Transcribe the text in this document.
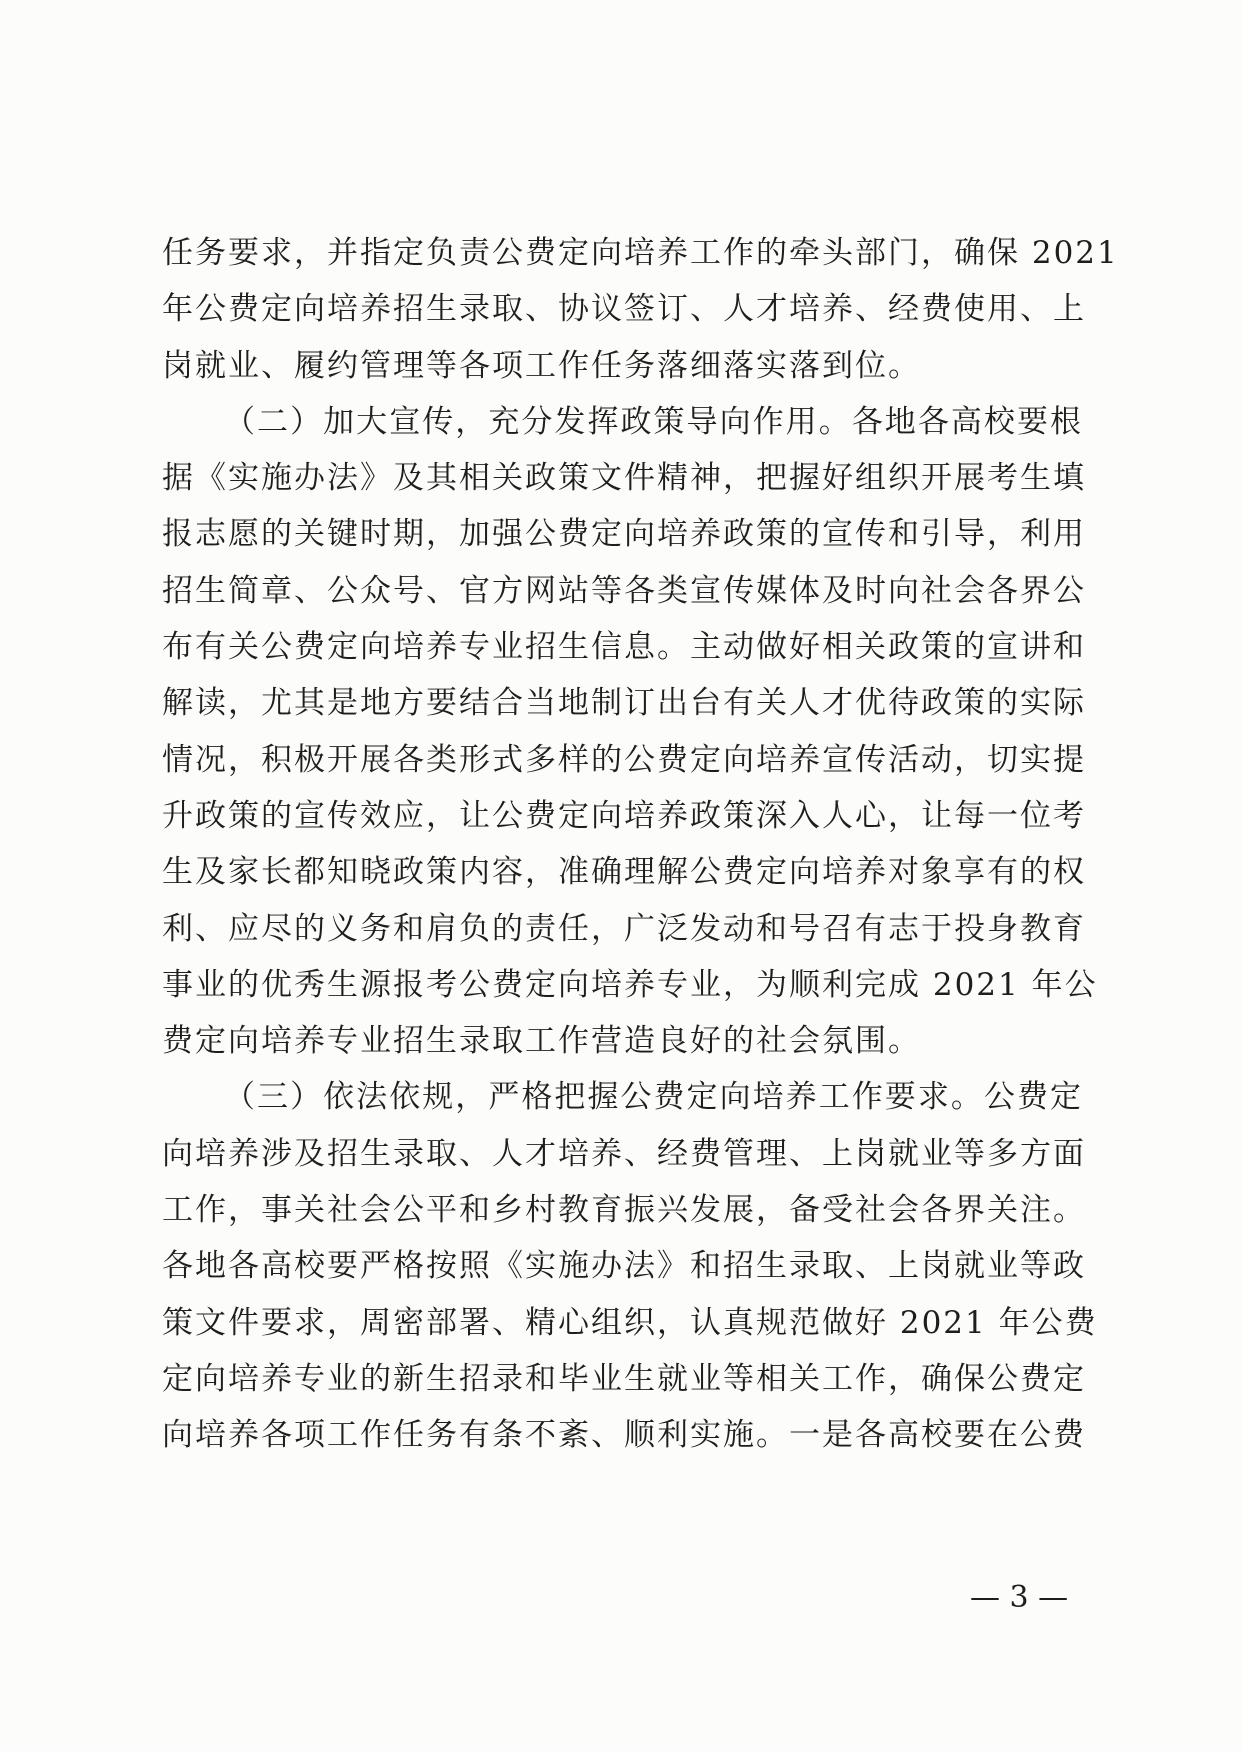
任务要求，并指定负责公费定向培养工作的牵头部门，确保 2021
年公费定向培养招生录取、协议签订、人才培养、经费使用、上
岗就业、履约管理等各项工作任务落细落实落到位。
（二）加大宣传，充分发挥政策导向作用。各地各高校要根
据《实施办法》及其相关政策文件精神，把握好组织开展考生填
报志愿的关键时期，加强公费定向培养政策的宣传和引导，利用
招生简章、公众号、官方网站等各类宣传媒体及时向社会各界公
布有关公费定向培养专业招生信息。主动做好相关政策的宣讲和
解读，尤其是地方要结合当地制订出台有关人才优待政策的实际
情况，积极开展各类形式多样的公费定向培养宣传活动，切实提
升政策的宣传效应，让公费定向培养政策深入人心，让每一位考
生及家长都知晓政策内容，准确理解公费定向培养对象享有的权
利、应尽的义务和肩负的责任，广泛发动和号召有志于投身教育
事业的优秀生源报考公费定向培养专业，为顺利完成 2021 年公
费定向培养专业招生录取工作营造良好的社会氛围。
（三）依法依规，严格把握公费定向培养工作要求。公费定
向培养涉及招生录取、人才培养、经费管理、上岗就业等多方面
工作，事关社会公平和乡村教育振兴发展，备受社会各界关注。
各地各高校要严格按照《实施办法》和招生录取、上岗就业等政
策文件要求，周密部署、精心组织，认真规范做好 2021 年公费
定向培养专业的新生招录和毕业生就业等相关工作，确保公费定
向培养各项工作任务有条不紊、顺利实施。一是各高校要在公费
— 3 —
